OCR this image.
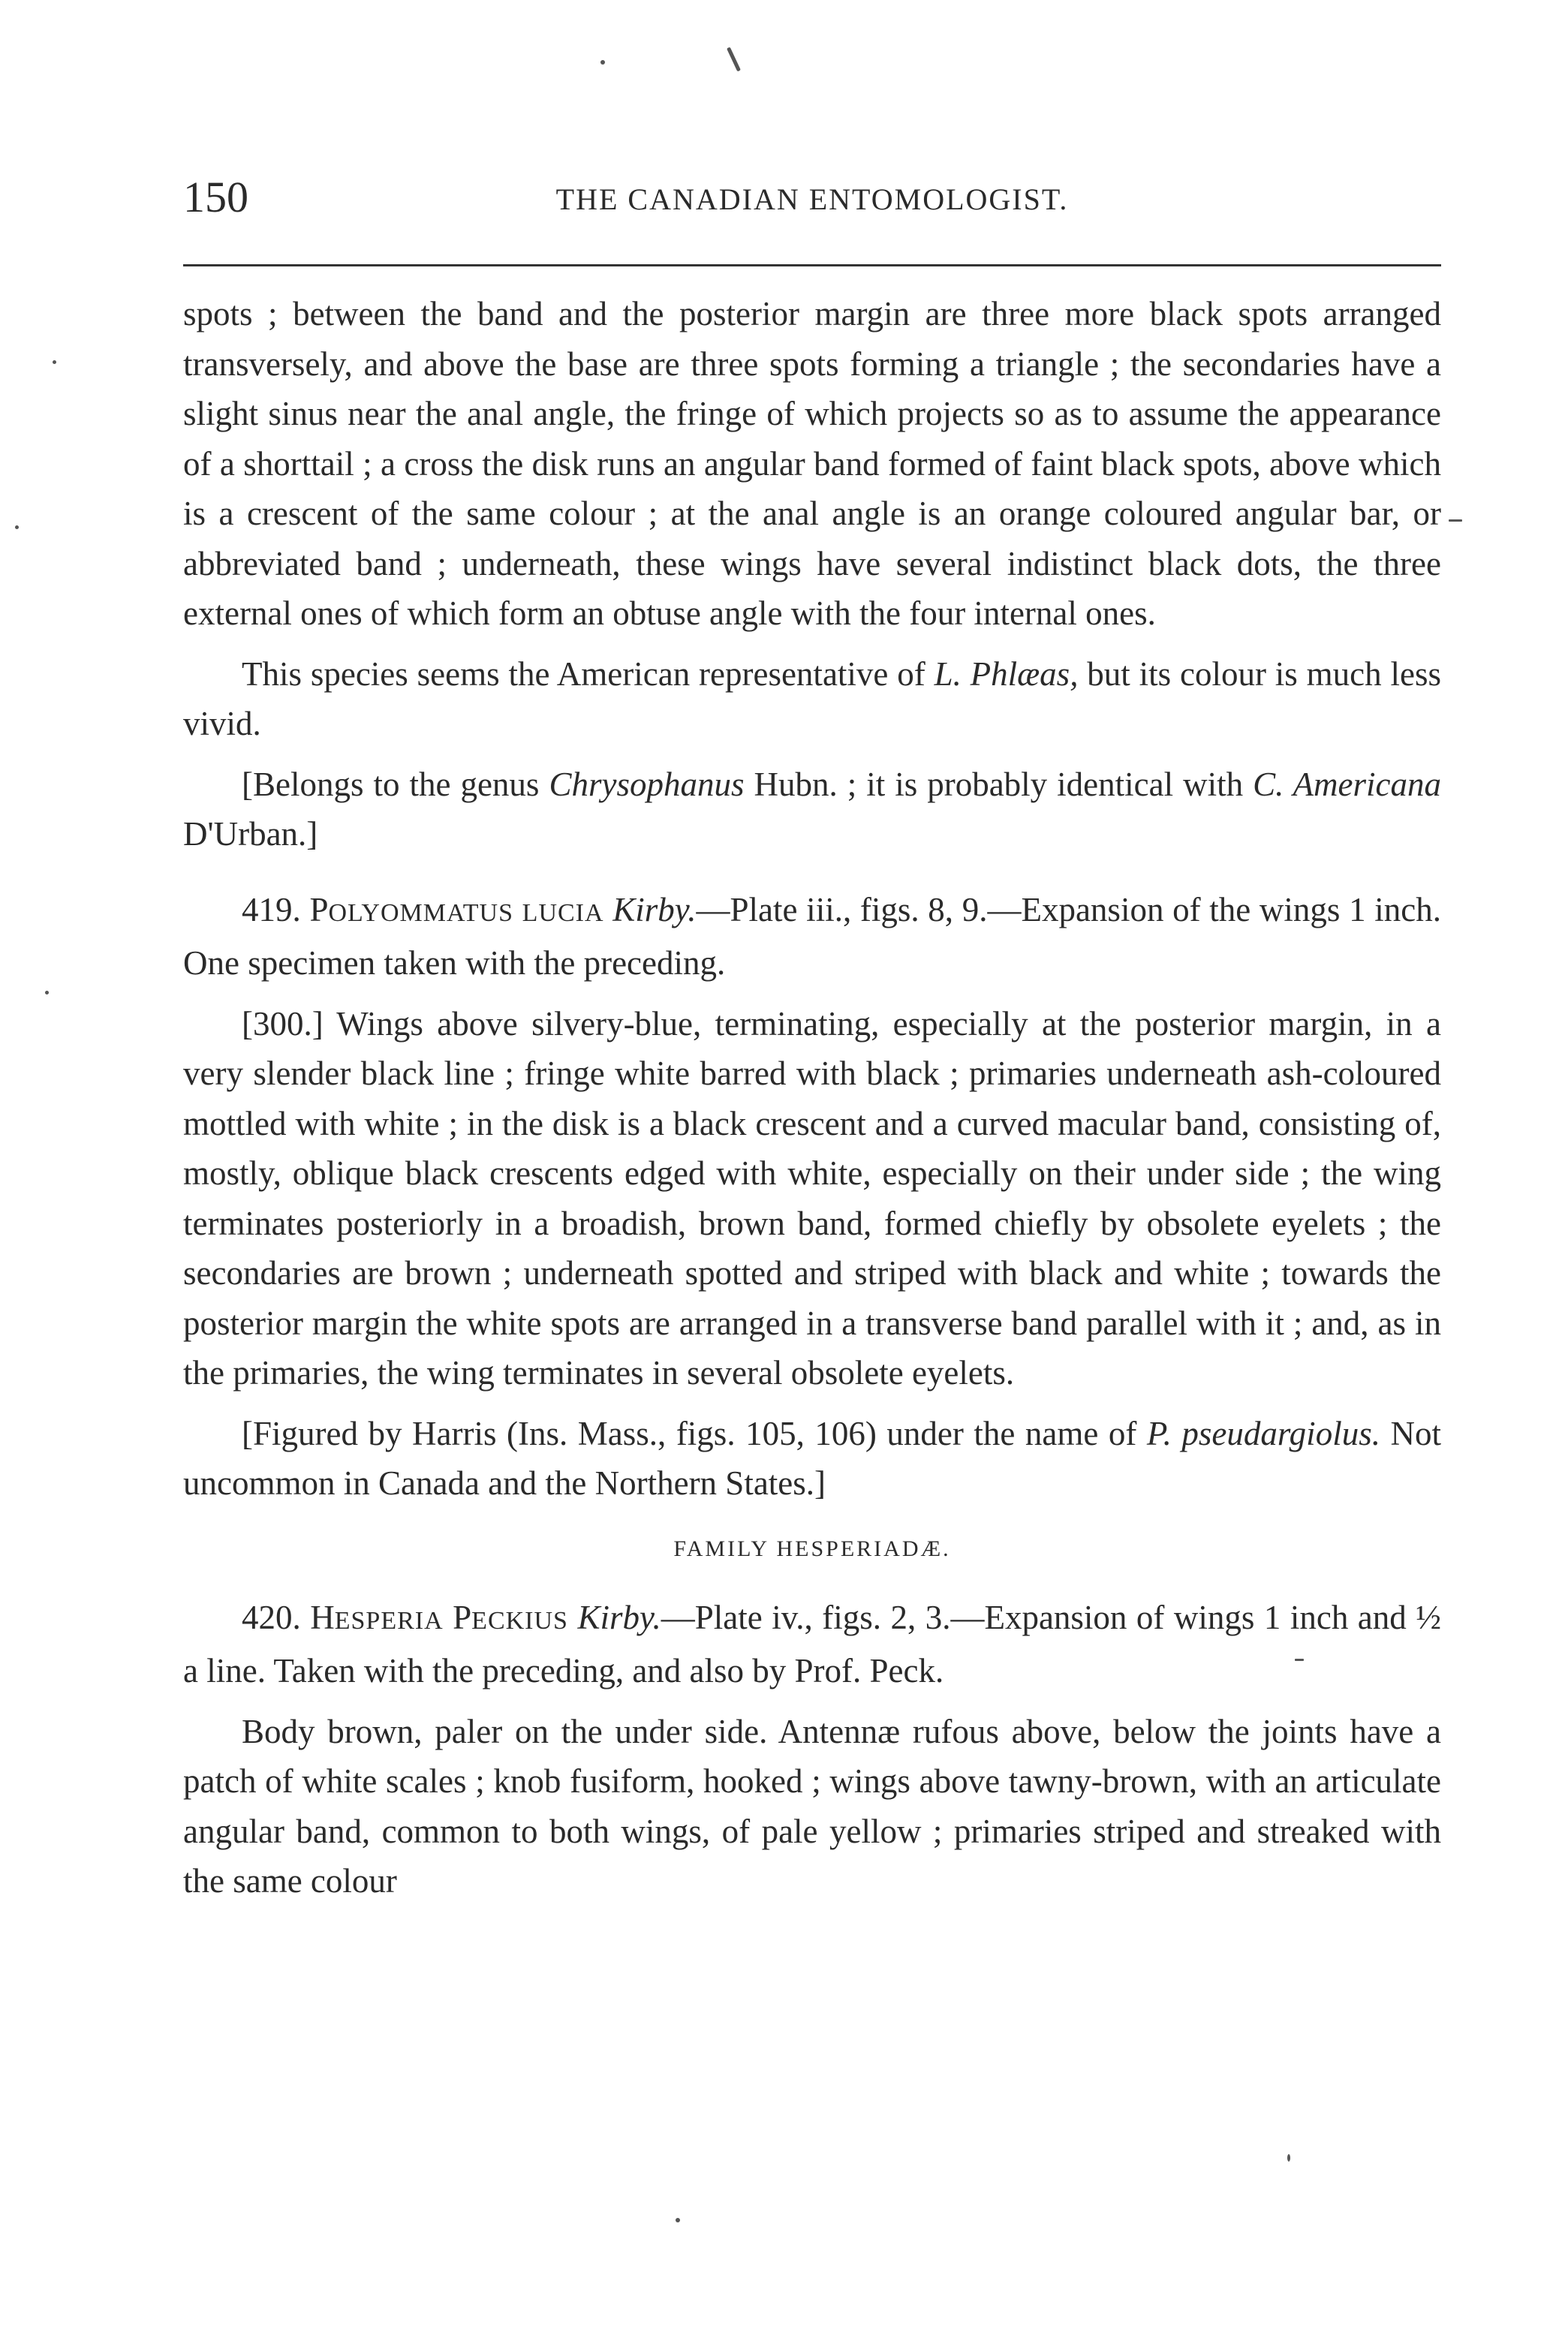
150	THE CANADIAN ENTOMOLOGIST.

spots ; between the band and the posterior margin are three more black spots arranged transversely, and above the base are three spots forming a triangle ; the secondaries have a slight sinus near the anal angle, the fringe of which projects so as to assume the appearance of a shorttail ; a cross the disk runs an angular band formed of faint black spots, above which is a crescent of the same colour ; at the anal angle is an orange coloured angular bar, or abbreviated band ; underneath, these wings have several indistinct black dots, the three external ones of which form an obtuse angle with the four internal ones.

This species seems the American representative of L. Phlæas, but its colour is much less vivid.

[Belongs to the genus Chrysophanus Hubn. ; it is probably identical with C. Americana D'Urban.]

419. POLYOMMATUS LUCIA Kirby.—Plate iii., figs. 8, 9.—Expansion of the wings 1 inch. One specimen taken with the preceding.

[300.] Wings above silvery-blue, terminating, especially at the posterior margin, in a very slender black line ; fringe white barred with black ; primaries underneath ash-coloured mottled with white ; in the disk is a black crescent and a curved macular band, consisting of, mostly, oblique black crescents edged with white, especially on their under side ; the wing terminates posteriorly in a broadish, brown band, formed chiefly by obsolete eyelets ; the secondaries are brown ; underneath spotted and striped with black and white ; towards the posterior margin the white spots are arranged in a transverse band parallel with it ; and, as in the primaries, the wing terminates in several obsolete eyelets.

[Figured by Harris (Ins. Mass., figs. 105, 106) under the name of P. pseudargiolus. Not uncommon in Canada and the Northern States.]

FAMILY HESPERIADÆ.

420. HESPERIA PECKIUS Kirby.—Plate iv., figs. 2, 3.—Expansion of wings 1 inch and ½ a line. Taken with the preceding, and also by Prof. Peck.

Body brown, paler on the under side. Antennæ rufous above, below the joints have a patch of white scales ; knob fusiform, hooked ; wings above tawny-brown, with an articulate angular band, common to both wings, of pale yellow ; primaries striped and streaked with the same colour
